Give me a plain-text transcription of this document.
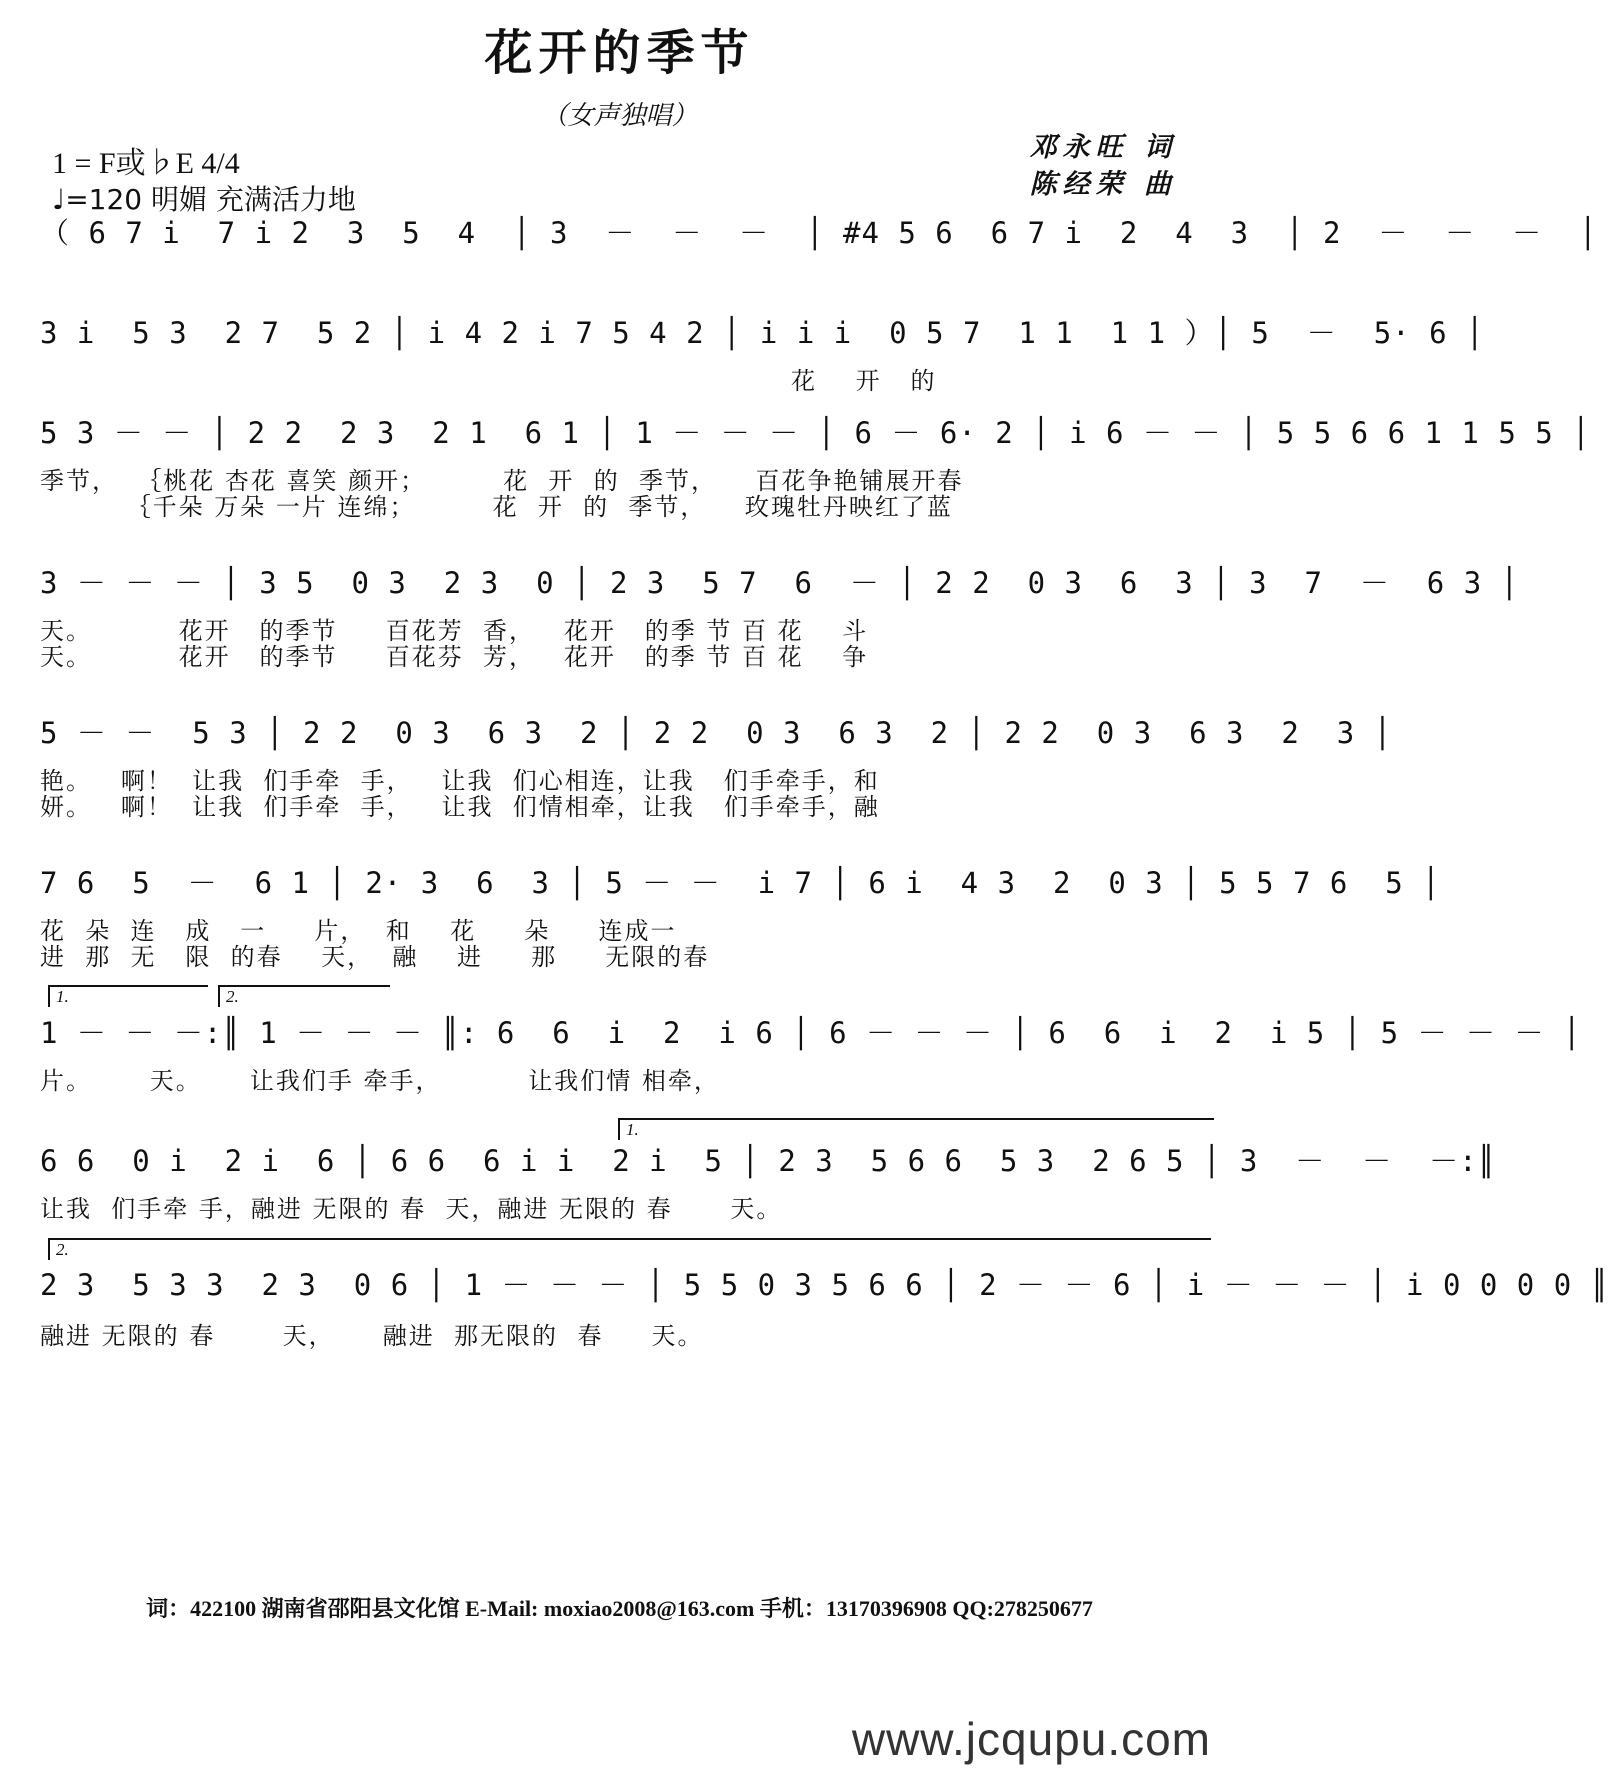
花开的季节
（女声独唱）
1 = F或♭E 4/4
♩=120 明媚 充满活力地
邓永旺 词
陈经荣 曲
（ 6 7 i  7 i 2  3  5  4  │ 3  －  －  －  │ #4 5 6  6 7 i  2  4  3  │ 2  －  －  －  │
3 i  5 3  2 7  5 2 │ i 4 2 i 7 5 4 2 │ i i i  0 5 7  1 1  1 1 ）│ 5  －  5· 6 │
花    开   的
5 3 － － │ 2 2  2 3  2 1  6 1 │ 1 － － － │ 6 － 6· 2 │ i 6 － － │ 5 5 6 6 1 1 5 5 │
季节，  ｛桃花 杏花 喜笑 颜开；        花  开  的  季节，    百花争艳铺展开春
｛千朵 万朵 一片 连绵；        花  开  的  季节，    玫瑰牡丹映红了蓝
3 － － － │ 3 5  0 3  2 3  0 │ 2 3  5 7  6  － │ 2 2  0 3  6  3 │ 3  7  －  6 3 │
天。         花开   的季节     百花芳  香，   花开   的季 节 百 花    斗
天。         花开   的季节     百花芬  芳，   花开   的季 节 百 花    争
5 － －  5 3 │ 2 2  0 3  6 3  2 │ 2 2  0 3  6 3  2 │ 2 2  0 3  6 3  2  3 │
艳。   啊！  让我  们手牵  手，   让我  们心相连，让我   们手牵手，和
妍。   啊！  让我  们手牵  手，   让我  们情相牵，让我   们手牵手，融
7 6  5  －  6 1 │ 2· 3  6  3 │ 5 － －  i 7 │ 6 i  4 3  2  0 3 │ 5 5 7 6  5 │
花  朵  连   成   一     片，  和    花     朵     连成一
进  那  无   限  的春    天，  融    进     那     无限的春
1.	2.
1 － － －:║ 1 － － － ║: 6  6  i  2  i 6 │ 6 － － － │ 6  6  i  2  i 5 │ 5 － － － │
片。      天。     让我们手 牵手，         让我们情 相牵，
1.
6 6  0 i  2 i  6 │ 6 6  6 i i  2 i  5 │ 2 3  5 6 6  5 3  2 6 5 │ 3  －  －  －:║
让我  们手牵 手，融进 无限的 春  天，融进 无限的 春      天。
2.
2 3  5 3 3  2 3  0 6 │ 1 － － － │ 5 5 0 3 5 6 6 │ 2 － － 6 │ i － － － │ i 0 0 0 0 ║
融进 无限的 春       天，     融进  那无限的  春     天。
词：422100 湖南省邵阳县文化馆 E-Mail: moxiao2008@163.com 手机：13170396908 QQ:278250677
www.jcqupu.com
